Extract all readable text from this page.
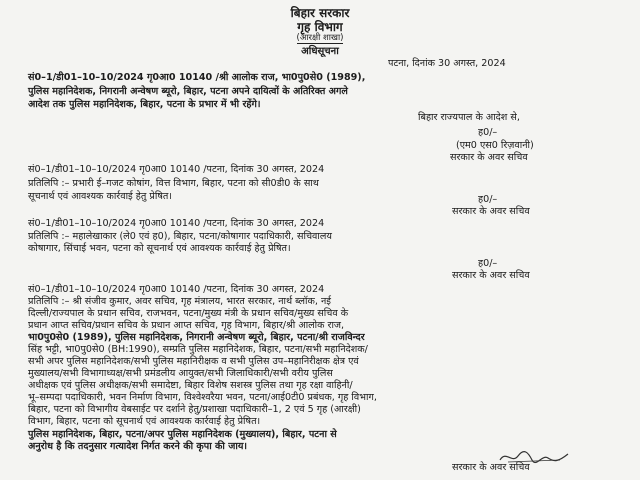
बिहार सरकार
गृह विभाग
(आरक्षी शाखा)
अधिसूचना
पटना, दिनांक 30 अगस्त, 2024
सं0–1/डी01–10–10/2024 गृ0आ0 10140 /श्री आलोक राज, भा0पु0से0 (1989),
पुलिस महानिदेशक, निगरानी अन्वेषण ब्यूरो, बिहार, पटना अपने दायित्वों के अतिरिक्त अगले
आदेश तक पुलिस महानिदेशक, बिहार, पटना के प्रभार में भी रहेंगे।
बिहार राज्यपाल के आदेश से,
ह0/–
(एम0 एस0 रिज़वानी)
सरकार के अवर सचिव
सं0–1/डी01–10–10/2024 गृ0आ0 10140 /पटना, दिनांक 30 अगस्त, 2024
प्रतिलिपि :– प्रभारी ई–गजट कोषांग, वित्त विभाग, बिहार, पटना को सी0डी0 के साथ
सूचनार्थ एवं आवश्यक कार्रवाई हेतु प्रेषित।	ह0/–
सरकार के अवर सचिव
सं0–1/डी01–10–10/2024 गृ0आ0 10140 /पटना, दिनांक 30 अगस्त, 2024
प्रतिलिपि :– महालेखाकार (ले0 एवं ह0), बिहार, पटना/कोषागार पदाधिकारी, सचिवालय
कोषागार, सिंचाई भवन, पटना को सूचनार्थ एवं आवश्यक कार्रवाई हेतु प्रेषित।
ह0/–
सरकार के अवर सचिव
सं0–1/डी01–10–10/2024 गृ0आ0 10140 /पटना, दिनांक 30 अगस्त, 2024
प्रतिलिपि :– श्री संजीव कुमार, अवर सचिव, गृह मंत्रालय, भारत सरकार, नार्थ ब्लॉक, नई
दिल्ली/राज्यपाल के प्रधान सचिव, राजभवन, पटना/मुख्य मंत्री के प्रधान सचिव/मुख्य सचिव के
प्रधान आप्त सचिव/प्रधान सचिव के प्रधान आप्त सचिव, गृह विभाग, बिहार/श्री आलोक राज,
भा0पु0से0 (1989), पुलिस महानिदेशक, निगरानी अन्वेषण ब्यूरो, बिहार, पटना/श्री राजविन्दर
सिंह भट्टी, भा0पु0से0 (BH:1990), सम्प्रति पुलिस महानिदेशक, बिहार, पटना/सभी महानिदेशक/
सभी अपर पुलिस महानिदेशक/सभी पुलिस महानिरीक्षक व सभी पुलिस उप–महानिरीक्षक क्षेत्र एवं
मुख्यालय/सभी विभागाध्यक्ष/सभी प्रमंडलीय आयुक्त/सभी जिलाधिकारी/सभी वरीय पुलिस
अधीक्षक एवं पुलिस अधीक्षक/सभी समादेष्टा, बिहार विशेष सशस्त्र पुलिस तथा गृह रक्षा वाहिनी/
भू–सम्पदा पदाधिकारी, भवन निर्माण विभाग, विश्वेश्वरैया भवन, पटना/आई0टी0 प्रबंधक, गृह विभाग,
बिहार, पटना को विभागीय वेबसाईट पर दर्शाने हेतु/प्रशाखा पदाधिकारी–1, 2 एवं 5 गृह (आरक्षी)
विभाग, बिहार, पटना को सूचनार्थ एवं आवश्यक कार्रवाई हेतु प्रेषित।
पुलिस महानिदेशक, बिहार, पटना/अपर पुलिस महानिदेशक (मुख्यालय), बिहार, पटना से
अनुरोध है कि तदनुसार गत्यादेश निर्गत करने की कृपा की जाय।
सरकार के अवर सचिव
